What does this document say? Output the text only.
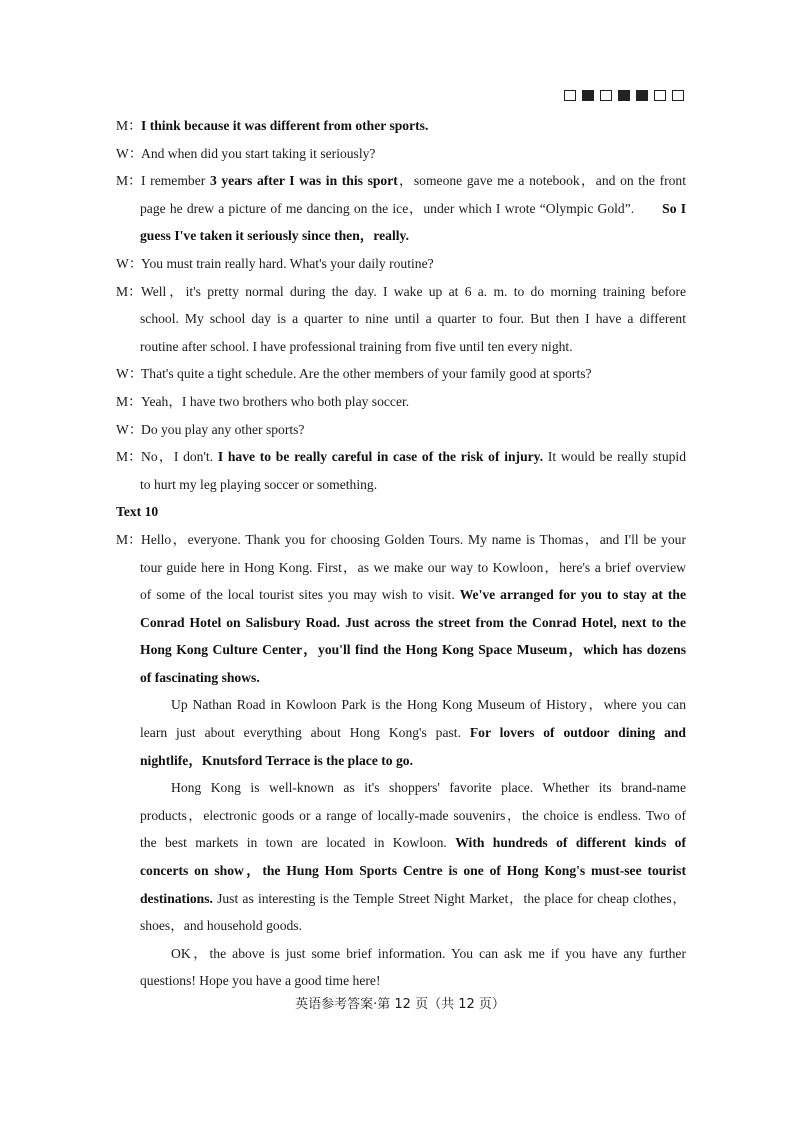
M：I think because it was different from other sports.
W：And when did you start taking it seriously?
M：I remember 3 years after I was in this sport，someone gave me a notebook，and on the front
page he drew a picture of me dancing on the ice，under which I wrote “Olympic Gold”. So I
guess I've taken it seriously since then，really.
W：You must train really hard. What's your daily routine?
M：Well，it's pretty normal during the day. I wake up at 6 a. m. to do morning training before
school. My school day is a quarter to nine until a quarter to four. But then I have a different
routine after school. I have professional training from five until ten every night.
W：That's quite a tight schedule. Are the other members of your family good at sports?
M：Yeah，I have two brothers who both play soccer.
W：Do you play any other sports?
M：No，I don't. I have to be really careful in case of the risk of injury. It would be really stupid
to hurt my leg playing soccer or something.
Text 10
M：Hello，everyone. Thank you for choosing Golden Tours. My name is Thomas，and I'll be your
tour guide here in Hong Kong. First，as we make our way to Kowloon，here's a brief overview
of some of the local tourist sites you may wish to visit. We've arranged for you to stay at the
Conrad Hotel on Salisbury Road. Just across the street from the Conrad Hotel, next to the
Hong Kong Culture Center，you'll find the Hong Kong Space Museum，which has dozens
of fascinating shows.
Up Nathan Road in Kowloon Park is the Hong Kong Museum of History，where you can
learn just about everything about Hong Kong's past. For lovers of outdoor dining and
nightlife，Knutsford Terrace is the place to go.
Hong Kong is well-known as it's shoppers' favorite place. Whether its brand-name
products，electronic goods or a range of locally-made souvenirs，the choice is endless. Two of
the best markets in town are located in Kowloon. With hundreds of different kinds of
concerts on show，the Hung Hom Sports Centre is one of Hong Kong's must-see tourist
destinations. Just as interesting is the Temple Street Night Market，the place for cheap clothes，
shoes，and household goods.
OK，the above is just some brief information. You can ask me if you have any further
questions! Hope you have a good time here!
英语参考答案·第 12 页（共 12 页）
